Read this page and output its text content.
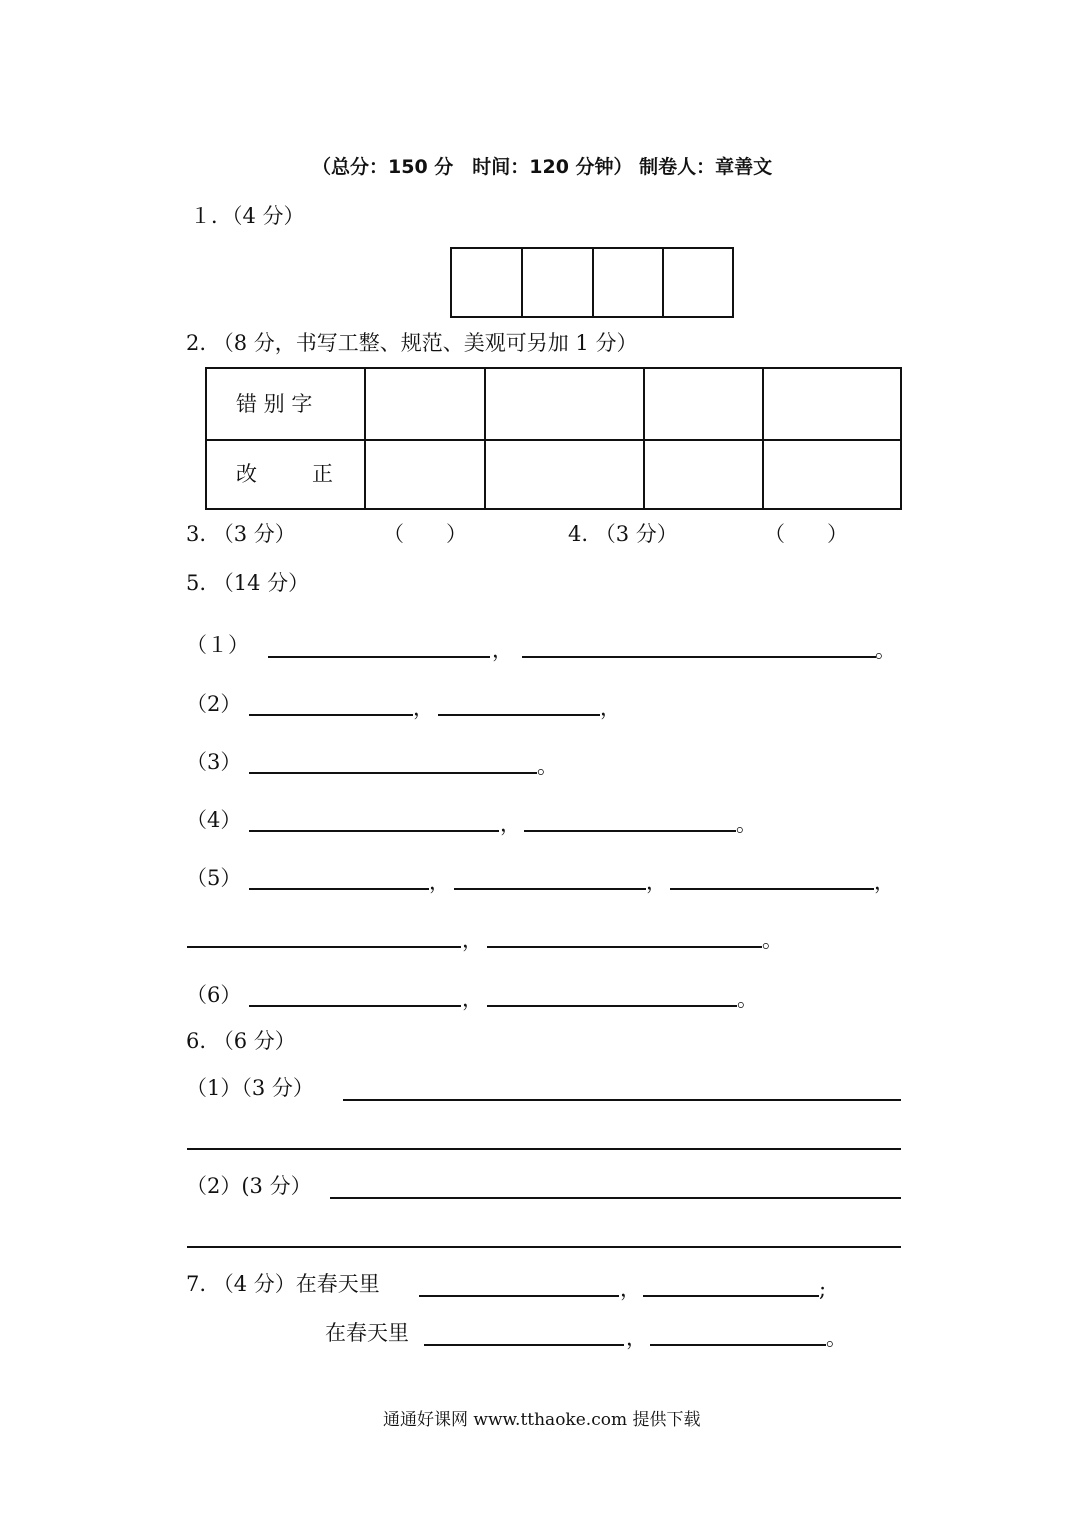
（总分：150 分　时间：120 分钟） 制卷人：章善文
１．（4 分）
2. （8 分，书写工整、规范、美观可另加 1 分）
错 别 字
改	正
3. （3 分）	（　　）	4. （3 分）	（　　）
5. （14 分）
（１）	，	。
（2）	，	，
（3）	。
（4）	，	。
（5）	，	，	，
，	。
（6）	，	。
6. （6 分）
（1）（3 分）
（2）(3 分）
7. （4 分）在春天里	，	;
在春天里	，	。
通通好课网 www.tthaoke.com 提供下载
